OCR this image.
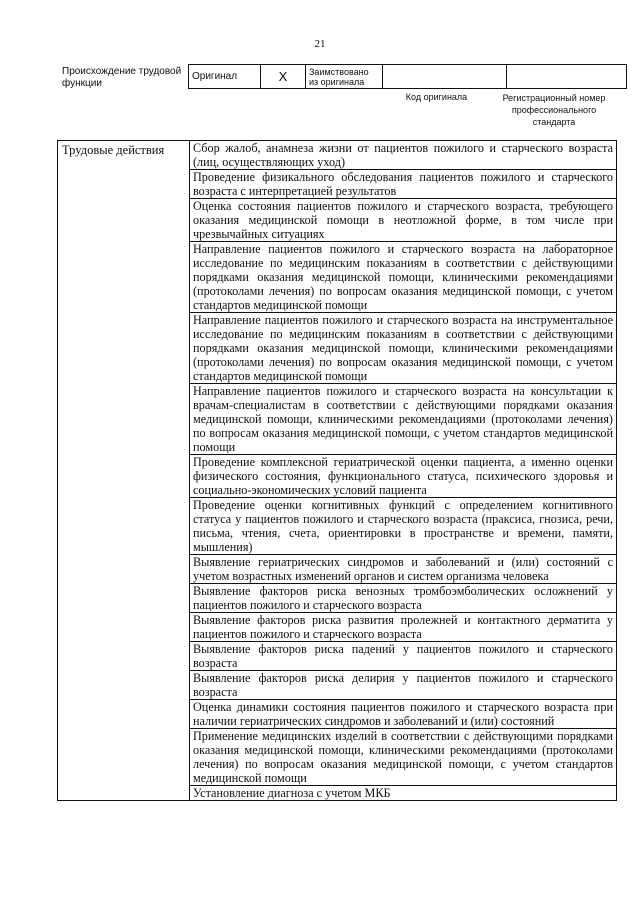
21
Происхождение трудовой функции
Оригинал	X	Заимствовано из оригинала		
Код оригинала	Регистрационный номер профессионального стандарта
Трудовые действия	Сбор жалоб, анамнеза жизни от пациентов пожилого и старческого возраста (лиц, осуществляющих уход)
Проведение физикального обследования пациентов пожилого и старческого возраста с интерпретацией результатов
Оценка состояния пациентов пожилого и старческого возраста, требующего оказания медицинской помощи в неотложной форме, в том числе при чрезвычайных ситуациях
Направление пациентов пожилого и старческого возраста на лабораторное исследование по медицинским показаниям в соответствии с действующими порядками оказания медицинской помощи, клиническими рекомендациями (протоколами лечения) по вопросам оказания медицинской помощи, с учетом стандартов медицинской помощи
Направление пациентов пожилого и старческого возраста на инструментальное исследование по медицинским показаниям в соответствии с действующими порядками оказания медицинской помощи, клиническими рекомендациями (протоколами лечения) по вопросам оказания медицинской помощи, с учетом стандартов медицинской помощи
Направление пациентов пожилого и старческого возраста на консультации к врачам-специалистам в соответствии с действующими порядками оказания медицинской помощи, клиническими рекомендациями (протоколами лечения) по вопросам оказания медицинской помощи, с учетом стандартов медицинской помощи
Проведение комплексной гериатрической оценки пациента, а именно оценки физического состояния, функционального статуса, психического здоровья и социально-экономических условий пациента
Проведение оценки когнитивных функций с определением когнитивного статуса у пациентов пожилого и старческого возраста (праксиса, гнозиса, речи, письма, чтения, счета, ориентировки в пространстве и времени, памяти, мышления)
Выявление гериатрических синдромов и заболеваний и (или) состояний с учетом возрастных изменений органов и систем организма человека
Выявление факторов риска венозных тромбоэмболических осложнений у пациентов пожилого и старческого возраста
Выявление факторов риска развития пролежней и контактного дерматита у пациентов пожилого и старческого возраста
Выявление факторов риска падений у пациентов пожилого и старческого возраста
Выявление факторов риска делирия у пациентов пожилого и старческого возраста
Оценка динамики состояния пациентов пожилого и старческого возраста при наличии гериатрических синдромов и заболеваний и (или) состояний
Применение медицинских изделий в соответствии с действующими порядками оказания медицинской помощи, клиническими рекомендациями (протоколами лечения) по вопросам оказания медицинской помощи, с учетом стандартов медицинской помощи
Установление диагноза с учетом МКБ
